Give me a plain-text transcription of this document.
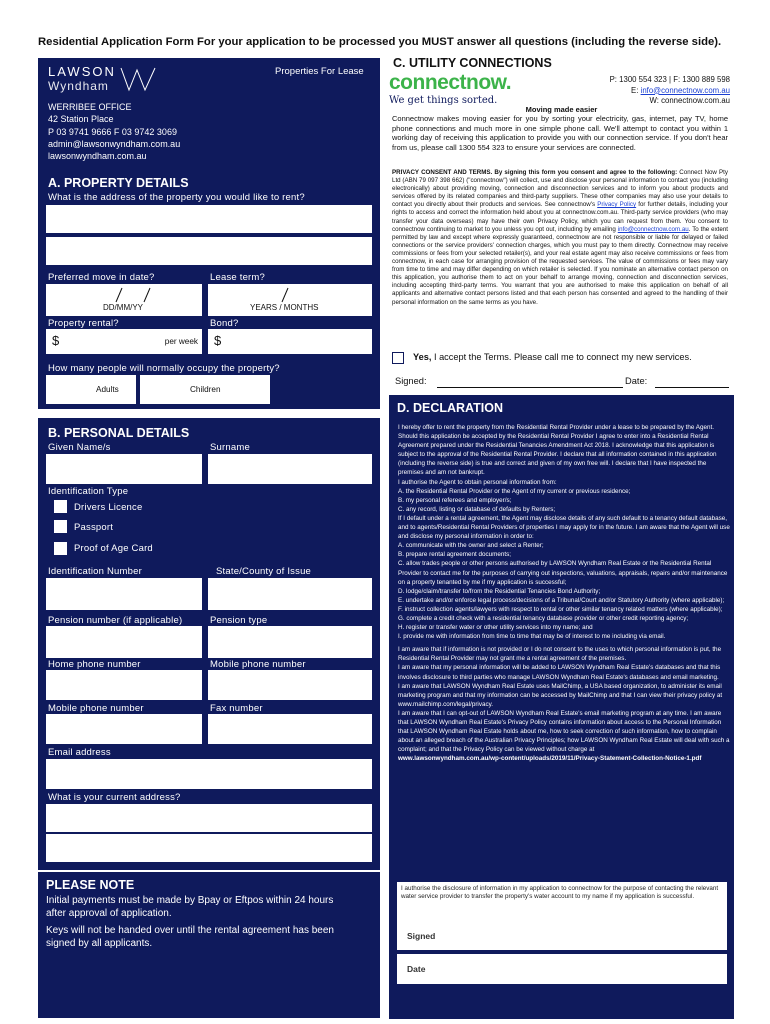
Residential Application Form For your application to be processed you MUST answer all questions (including the reverse side).
LAWSON
Wyndham
Properties For Lease
WERRIBEE OFFICE
42 Station Place
P 03 9741 9666 F 03 9742 3069
admin@lawsonwyndham.com.au
lawsonwyndham.com.au
A. PROPERTY DETAILS
What is the address of the property you would like to rent?
Preferred move in date?
DD/MM/YY
Lease term?
YEARS / MONTHS
Property rental?
$	per week
Bond?
$
How many people will normally occupy the property?
Adults	Children
B. PERSONAL DETAILS
Given Name/s	Surname
Identification Type
Drivers Licence
Passport
Proof of Age Card
Identification Number	State/County of Issue
Pension number (if applicable)	Pension type
Home phone number	Mobile phone number
Mobile phone number	Fax number
Email address
What is your current address?
PLEASE NOTE
Initial payments must be made by Bpay or Eftpos within 24 hours after approval of application.
Keys will not be handed over until the rental agreement has been signed by all applicants.
C. UTILITY CONNECTIONS
connectnow.
We get things sorted.
P: 1300 554 323 | F: 1300 889 598
E: info@connectnow.com.au
W: connectnow.com.au
Moving made easier
Connectnow makes moving easier for you by sorting your electricity, gas, internet, pay TV, home phone connections and much more in one simple phone call. We'll attempt to contact you within 1 working day of receiving this application to provide you with our connection service. If you don't hear from us, please call 1300 554 323 to ensure your services are connected.
PRIVACY CONSENT AND TERMS. By signing this form you consent and agree to the following: Connect Now Pty Ltd (ABN 79 097 398 662) ("connectnow") will collect, use and disclose your personal information to contact you (including electronically) about providing moving, connection and disconnection services and to inform you about products and services offered by its related companies and third-party suppliers. These other companies may also use your details to contact you directly about their products and services. See connectnow's Privacy Policy for further details, including your rights to access and correct the information held about you at connectnow.com.au. Third-party service providers (who may transfer your data overseas) may have their own Privacy Policy, which you can request from them. You consent to connectnow continuing to market to you unless you opt out, including by emailing info@connectnow.com.au. To the extent permitted by law and except where expressly guaranteed, connectnow are not responsible or liable for delayed or failed connections or the service providers' connection charges, which you must pay to them directly. Connectnow may receive commissions or fees from your selected retailer(s), and your real estate agent may also receive commissions or fees from connectnow, in each case for arranging provision of the requested services. The value of commissions or fees may vary from time to time and may differ depending on which retailer is selected. If you nominate an alternative contact person on this application, you authorise them to act on your behalf to arrange moving, connection and disconnection services, including accepting third-party terms. You warrant that you are authorised to make this application on behalf of all applicants and alternative contact persons listed and that each person has consented and agreed to the handling of their personal information on the same terms as you have.
Yes, I accept the Terms. Please call me to connect my new services.
Signed:	Date:
D. DECLARATION

I hereby offer to rent the property from the Residential Rental Provider under a lease to be prepared by the Agent. Should this application be accepted by the Residential Rental Provider I agree to enter into a Residential Rental Agreement prepared under the Residential Tenancies Amendment Act 2018. I acknowledge that this application is subject to the approval of the Residential Rental Provider. I declare that all information contained in this application (including the reverse side) is true and correct and given of my own free will. I declare that I have inspected the premises and am not bankrupt.

I authorise the Agent to obtain personal information from:

A. the Residential Rental Provider or the Agent of my current or previous residence;

B. my personal referees and employer/s;

C. any record, listing or database of defaults by Renters;

If I default under a rental agreement, the Agent may disclose details of any such default to a tenancy default database, and to agents/Residential Rental Providers of properties I may apply for in the future. I am aware that the Agent will use and disclose my personal information in order to:

A. communicate with the owner and select a Renter;

B. prepare rental agreement documents;

C. allow trades people or other persons authorised by LAWSON Wyndham Real Estate or the Residential Rental Provider to contact me for the purposes of carrying out inspections, valuations, appraisals, repairs and/or maintenance on a property tenanted by me if my application is successful;

D. lodge/claim/transfer to/from the Residential Tenancies Bond Authority;

E. undertake and/or enforce legal process/decisions of a Tribunal/Court and/or Statutory Authority (where applicable);

F. instruct collection agents/lawyers with respect to rental or other similar tenancy related matters (where applicable);

G. complete a credit check with a residential tenancy database provider or other credit reporting agency;

H. register or transfer water or other utility services into my name; and

I. provide me with information from time to time that may be of interest to me including via email.

I am aware that if information is not provided or I do not consent to the uses to which personal information is put, the Residential Rental Provider may not grant me a rental agreement of the premises.

I am aware that my personal information will be added to LAWSON Wyndham Real Estate's databases and that this involves disclosure to third parties who manage LAWSON Wyndham Real Estate's databases and email marketing.

I am aware that LAWSON Wyndham Real Estate uses MailChimp, a USA based organization, to administer its email marketing program and that my information can be accessed by MailChimp and that I can view their privacy policy at www.mailchimp.com/legal/privacy.

I am aware that I can opt-out of LAWSON Wyndham Real Estate's email marketing program at any time. I am aware that LAWSON Wyndham Real Estate's Privacy Policy contains information about access to the Personal Information that LAWSON Wyndham Real Estate holds about me, how to seek correction of such information, how to complain about an alleged breach of the Australian Privacy Principles; how LAWSON Wyndham Real Estate will deal with such a complaint; and that the Privacy Policy can be viewed without charge at

www.lawsonwyndham.com.au/wp-content/uploads/2019/11/Privacy-Statement-Collection-Notice-1.pdf

I authorise the disclosure of information in my application to connectnow for the purpose of contacting the relevant water service provider to transfer the property's water account to my name if my application is successful.
Signed
Date
